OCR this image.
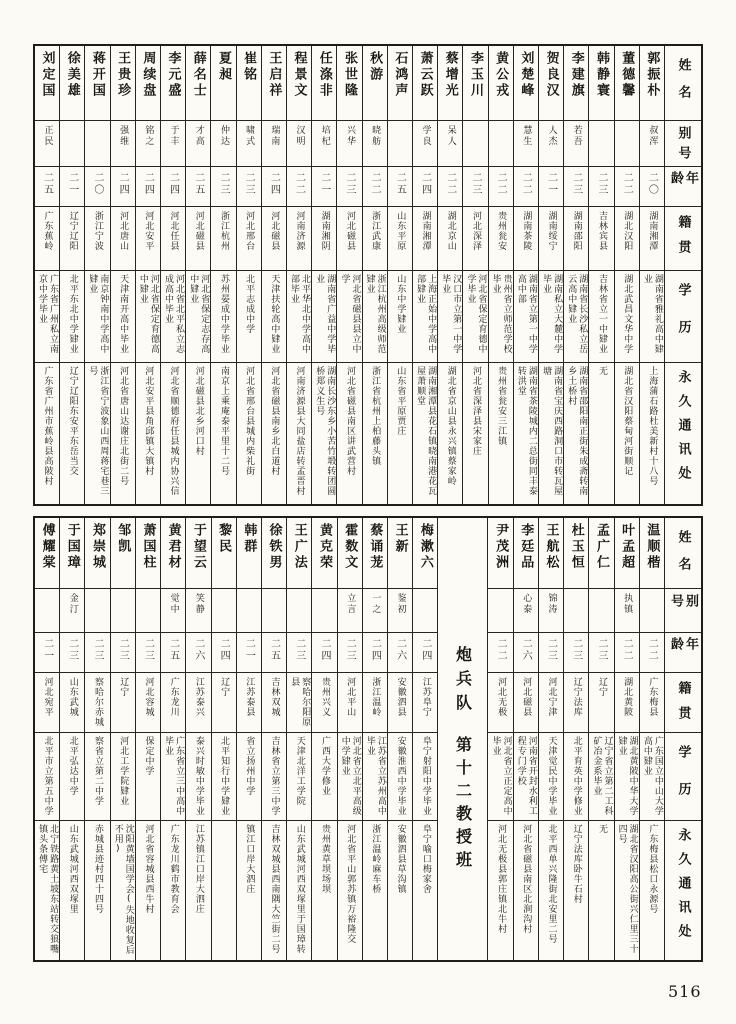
姓名
别号
年龄
籍贯
学历
永久通讯处
郭振朴
叔浑
二〇
湖南湘潭
湖南省雅礼高中肄业
上海蒲石路杜美新村十八号
董德馨
二二
湖北汉阳
湖北武昌文华中学
湖北省汉阳蔡甸河街顺记
韩静寰
二三
吉林宾县
吉林省立一中肄业
无
李建旗
若吾
二三
湖南邵阳
湖南省长沙私立岳云高中肄业
湖南省邵阳南正街朱成斋转南乡土桥村
贺良汉
人杰
二一
湖南绥宁
湖南私立大麓中学毕业
湖南省宝庆西路洞口市转瓦屋塘
刘楚峰
慧生
二二
湖南茶陵
湖南省立第一中学高中部
湖南省茶陵城内二总街同丰泰转洪堂
黄公戎
二二
贵州瓮安
贵州省立师范学校毕业
贵州省瓮安三江镇
李玉川
二三
河北深泽
河北省保定育德中学毕业
河北省深泽县宋家庄
蔡增光
呆人
二二
湖北京山
汉口市立第一中学毕业
湖北省京山县永兴镇蔡家岭
萧云跃
学良
二四
湖南湘潭
上海正始中学高中部肄业
湖南湘潭县花石镇晓南港花瓦屋萧顺堂
石鸿声
二五
山东平原
山东中学肄业
山东省平原贾庄
秋游
晓舫
二二
浙江武康
浙江杭州高级师范肄业
浙江省杭州上柏藤头镇
张世隆
兴华
二三
河北磁县
河北省磁县县立中学
河北省磁县南区讲武营村
任涤非
培杞
二一
湖南湘阴
湖南省广益中学毕业
湖南长沙东乡小苦竹塅转团圆桥郑义生号
程景文
汉明
二二
河南济源
北平华北中学高中部毕业
河南济源县大同盐店转孟晋村
王启祥
瑞南
二四
河北磁县
天津扶轮高中肄业
河北省磁县南乡北白道村
崔铭
啸式
二三
河北邢台
北平志成中学
河北省邢台县城内柴礼街
夏昶
仲达
二三
浙江杭州
苏州晏成中学毕业
南京上乘庵泰平里十二号
薛名士
才高
二五
河北磁县
河北省保定志存高中肄业
河北磁县北乡河口村
李元盛
于丰
二四
河北任县
河北省北平私立志成高中毕业
河北省顺德府任县城内协兴信
周续盘
铭之
二四
河北安平
河北省保定育德高中肄业
河北安平县角邱镇大镇村
王贵珍
强维
二四
河北唐山
天津南开高中毕业
河北省唐山达谢庄北街二号
蒋开国
二〇
浙江宁波
南京钟南中学高中肄业
浙江省宁波象山西周蒋宅巷三号
徐美雄
二一
辽宁辽阳
北平东北中学肄业
辽宁辽阳东安平东岳当交
刘定国
正民
二五
广东蕉岭
广东省广州私立南京中学毕业
广东省广州市蕉岭县高陂村
姓名
别号
年龄
籍贯
学历
永久通讯处
温顺楷
二二
广东梅县
广东国立中山大学高中肄业
广东梅县松口永源号
叶孟超
执镇
二二
湖北黄陂
湖北黄陂中华大学肄业
湖北省汉阳高公街兴仁里三十四号
孟广仁
二三
辽宁
辽宁省立第二工科矿冶金系毕业
无
杜玉恒
二三
辽宁法库
北平育英中学修业
辽宁法库卧牛石村
王航松
锦涛
二三
河北宁津
天津觉民中学毕业
北平西单兴隆街北安里二号
李廷品
心泰
二六
河北磁县
河南省开封水利工程专门学校
河北省磁县南区北涧沟村
尹茂洲
二二
河北无极
河北省立正定高中毕业
河北无极县郭庄镇北牛村
炮兵队
第十二教授班
梅漱六
二四
江苏阜宁
阜宁射阳中学毕业
阜宁喻口梅家舍
王新
鉴初
二六
安徽泗县
安徽淮西中学毕业
安徽泗县草沟镇
蔡诵茏
一之
二四
浙江温岭
江苏省立苏州高中毕业
浙江温岭麻车桥
霍数文
立言
二三
河北平山
河北省立北平高级中学肄业
河北省平山郭苏镇万裕隆交
黄克荣
二四
贵州兴义
广西大学修业
贵州黄草坝场坝
王广法
二三
察哈尔阳原县
天津北洋工学院
山东武城河西双塚里于国璋转
徐铁男
二五
吉林双城
吉林省立第三中学
吉林双城县西南隅大竺街二号
韩群
二一
江苏泰县
省立扬州中学
镇江口岸大泗庄
黎民
二四
辽宁
北平知行中学肄业
于望云
笑静
二六
江苏泰兴
泰兴时敏中学毕业
江苏镇江口岸大泗庄
黄君材
觉中
二五
广东龙川
广东省立三中高中毕业
广东龙川鹤市教育会
萧国柱
二三
河北容城
保定中学
河北省容城县西牛村
邹凯
二三
辽宁
河北工学院肄业
沈阳黄墙国学会(失地收复后不用)
郑崇城
二三
察哈尔赤城
察省立第二中学
赤城县迹村四十四号
于国璋
金汀
二三
山东武城
北平弘达中学
山东武城河西双塚里
傅耀棠
二一
河北宛平
北平市立第五中学
北宁铁路黄土坡东站转交狼嘴镇头条傅宅
516
